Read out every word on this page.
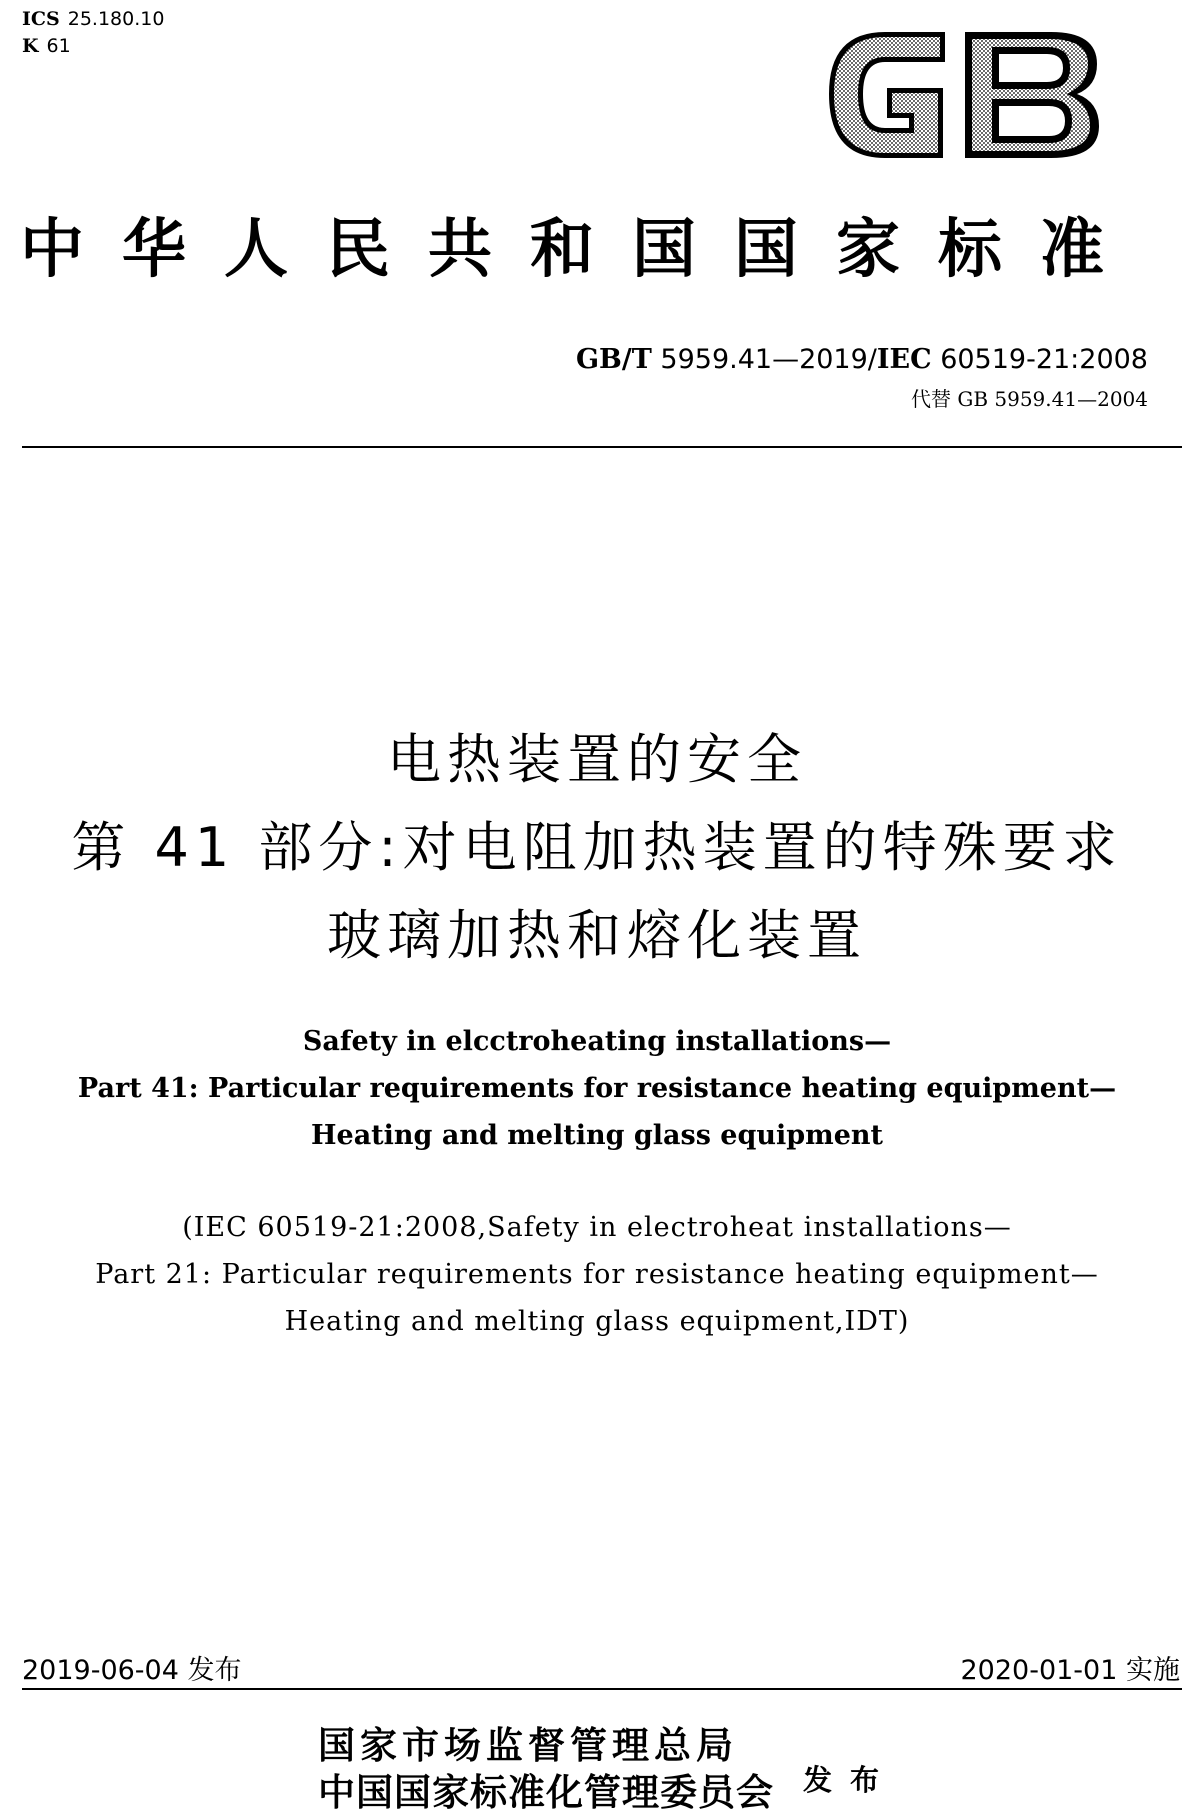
ICS 25.180.10
K 61
中华人民共和国国家标准
GB/T 5959.41—2019/IEC 60519-21:2008
代替 GB 5959.41—2004
电热装置的安全
第 41 部分:对电阻加热装置的特殊要求
玻璃加热和熔化装置
Safety in elcctroheating installations—
Part 41: Particular requirements for resistance heating equipment—
Heating and melting glass equipment
(IEC 60519-21:2008,Safety in electroheat installations—
Part 21: Particular requirements for resistance heating equipment—
Heating and melting glass equipment,IDT)
2019-06-04 发布	2020-01-01 实施
国家市场监督管理总局
中国国家标准化管理委员会 发布
